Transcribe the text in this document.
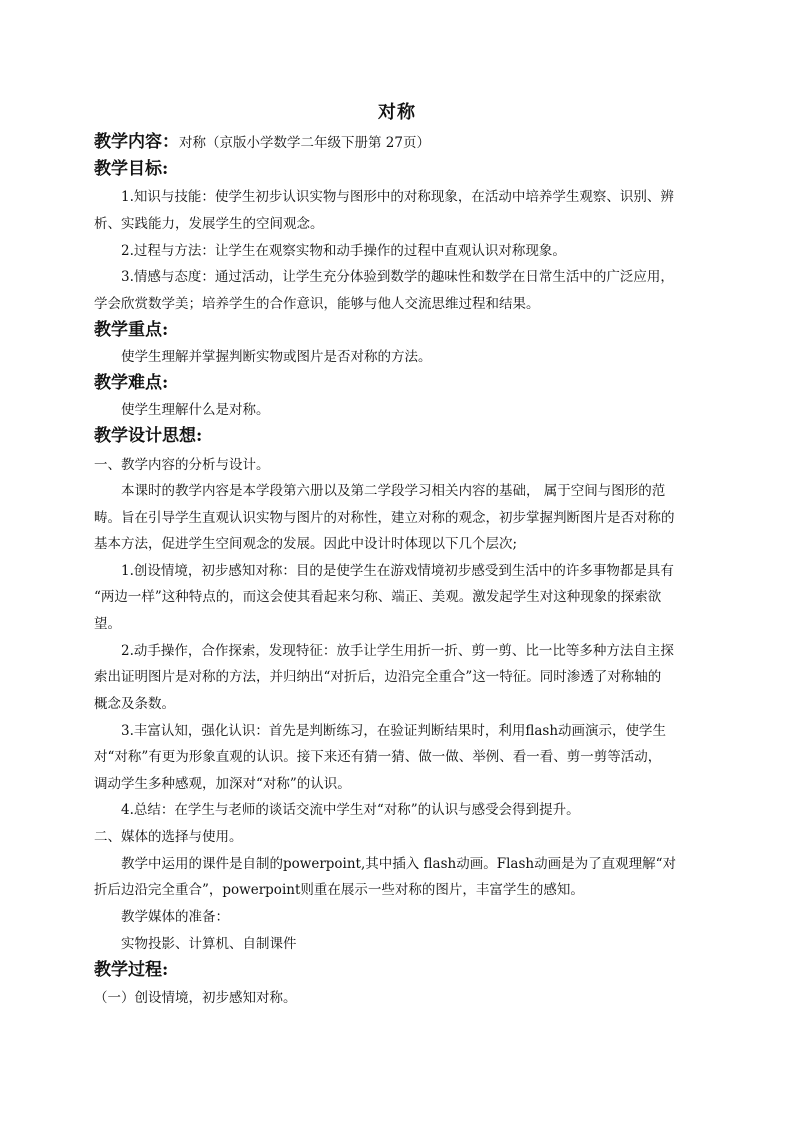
对称
教学内容：对称（京版小学数学二年级下册第 27页）
教学目标:
1.知识与技能：使学生初步认识实物与图形中的对称现象，在活动中培养学生观察、识别、辨
析、实践能力，发展学生的空间观念。
2.过程与方法：让学生在观察实物和动手操作的过程中直观认识对称现象。
3.情感与态度：通过活动，让学生充分体验到数学的趣味性和数学在日常生活中的广泛应用，
学会欣赏数学美；培养学生的合作意识，能够与他人交流思维过程和结果。
教学重点:
使学生理解并掌握判断实物或图片是否对称的方法。
教学难点:
使学生理解什么是对称。
教学设计思想:
一、教学内容的分析与设计。
本课时的教学内容是本学段第六册以及第二学段学习相关内容的基础， 属于空间与图形的范
畴。旨在引导学生直观认识实物与图片的对称性，建立对称的观念，初步掌握判断图片是否对称的
基本方法，促进学生空间观念的发展。因此中设计时体现以下几个层次;
1.创设情境，初步感知对称：目的是使学生在游戏情境初步感受到生活中的许多事物都是具有
“两边一样”这种特点的，而这会使其看起来匀称、端正、美观。激发起学生对这种现象的探索欲
望。
2.动手操作，合作探索，发现特征：放手让学生用折一折、剪一剪、比一比等多种方法自主探
索出证明图片是对称的方法，并归纳出“对折后，边沿完全重合”这一特征。同时渗透了对称轴的
概念及条数。
3.丰富认知，强化认识：首先是判断练习，在验证判断结果时，利用flash动画演示，使学生
对“对称”有更为形象直观的认识。接下来还有猜一猜、做一做、举例、看一看、剪一剪等活动，
调动学生多种感观，加深对“对称”的认识。
4.总结：在学生与老师的谈话交流中学生对“对称”的认识与感受会得到提升。
二、媒体的选择与使用。
教学中运用的课件是自制的powerpoint,其中插入 flash动画。Flash动画是为了直观理解“对
折后边沿完全重合”，powerpoint则重在展示一些对称的图片，丰富学生的感知。
教学媒体的准备：
实物投影、计算机、自制课件
教学过程:
（一）创设情境，初步感知对称。
